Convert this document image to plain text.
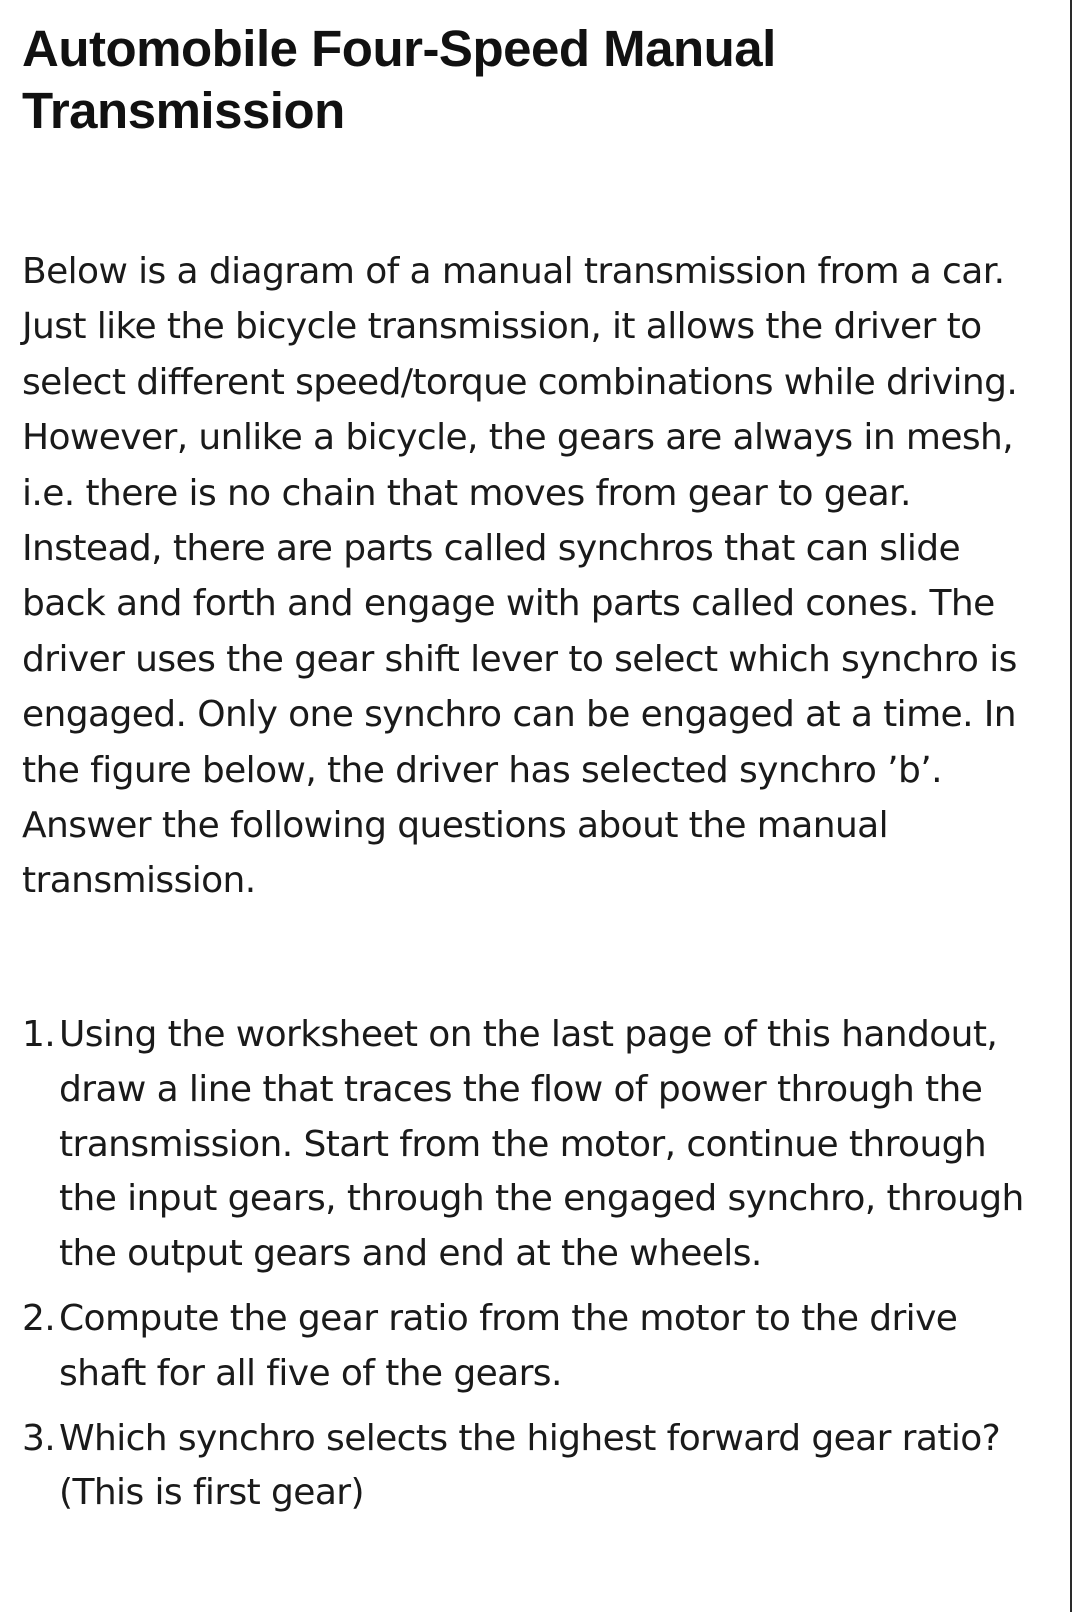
Automobile Four-Speed Manual Transmission

Below is a diagram of a manual transmission from a car. Just like the bicycle transmission, it allows the driver to select different speed/torque combinations while driving. However, unlike a bicycle, the gears are always in mesh, i.e. there is no chain that moves from gear to gear. Instead, there are parts called synchros that can slide back and forth and engage with parts called cones. The driver uses the gear shift lever to select which synchro is engaged. Only one synchro can be engaged at a time. In the figure below, the driver has selected synchro ’b’. Answer the following questions about the manual transmission.

1. Using the worksheet on the last page of this handout, draw a line that traces the flow of power through the transmission. Start from the motor, continue through the input gears, through the engaged synchro, through the output gears and end at the wheels.
2. Compute the gear ratio from the motor to the drive shaft for all five of the gears.
3. Which synchro selects the highest forward gear ratio? (This is first gear)
